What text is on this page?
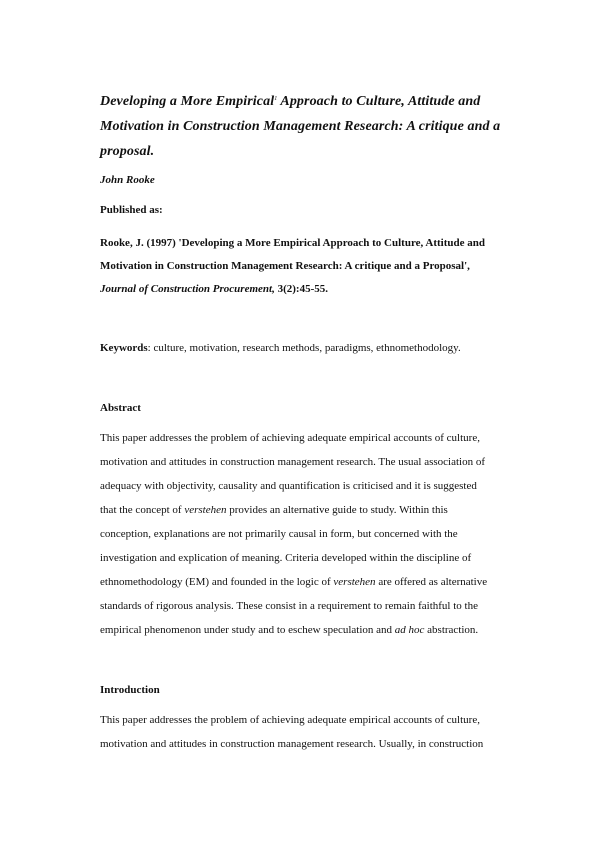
Developing a More Empirical$^1$ Approach to Culture, Attitude and
Motivation in Construction Management Research: A critique and a
proposal.
John Rooke
Published as:
Rooke, J. (1997) 'Developing a More Empirical Approach to Culture, Attitude and
Motivation in Construction Management Research: A critique and a Proposal',
Journal of Construction Procurement, 3(2):45-55.
Keywords: culture, motivation, research methods, paradigms, ethnomethodology.
Abstract
This paper addresses the problem of achieving adequate empirical accounts of culture,
motivation and attitudes in construction management research. The usual association of
adequacy with objectivity, causality and quantification is criticised and it is suggested
that the concept of verstehen provides an alternative guide to study. Within this
conception, explanations are not primarily causal in form, but concerned with the
investigation and explication of meaning. Criteria developed within the discipline of
ethnomethodology (EM) and founded in the logic of verstehen are offered as alternative
standards of rigorous analysis. These consist in a requirement to remain faithful to the
empirical phenomenon under study and to eschew speculation and ad hoc abstraction.
Introduction
This paper addresses the problem of achieving adequate empirical accounts of culture,
motivation and attitudes in construction management research. Usually, in construction
